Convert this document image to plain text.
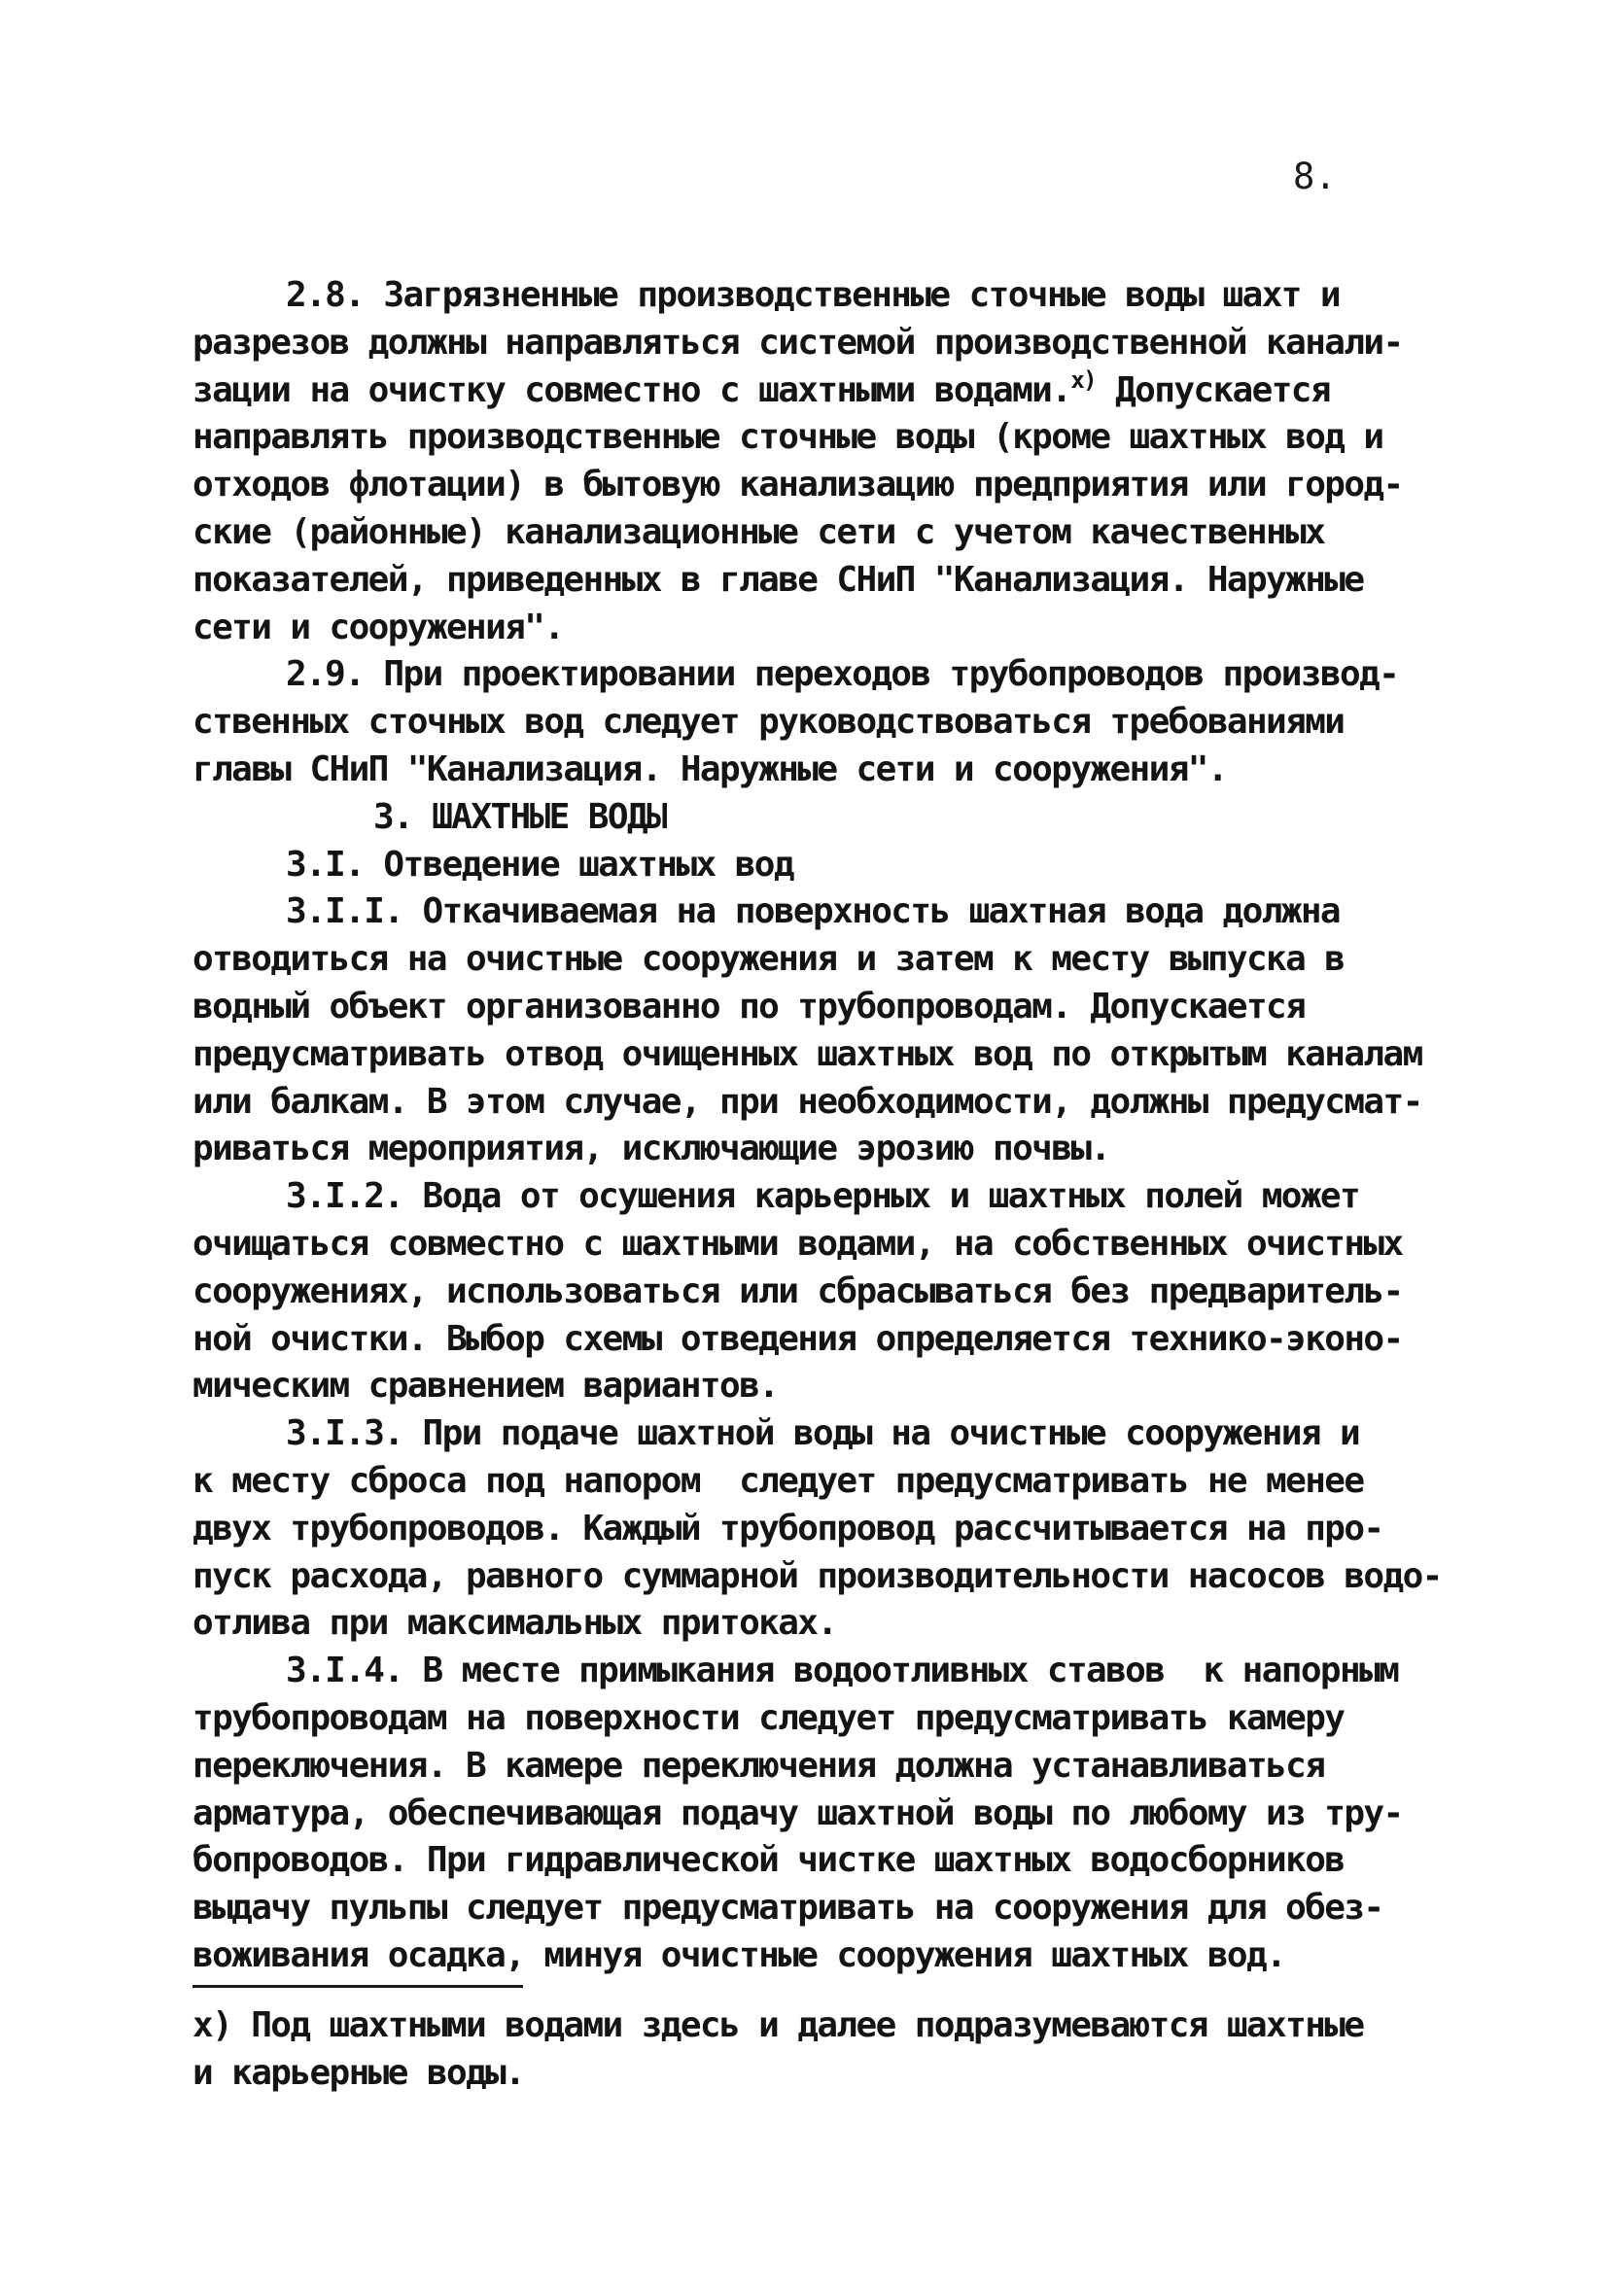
8.
2.8. Загрязненные производственные сточные воды шахт и
разрезов должны направляться системой производственной канали-
зации на очистку совместно с шахтными водами.$^{x)}$ Допускается
направлять производственные сточные воды (кроме шахтных вод и
отходов флотации) в бытовую канализацию предприятия или город-
ские (районные) канализационные сети с учетом качественных
показателей, приведенных в главе СНиП "Канализация. Наружные
сети и сооружения".
2.9. При проектировании переходов трубопроводов производ-
ственных сточных вод следует руководствоваться требованиями
главы СНиП "Канализация. Наружные сети и сооружения".
3. ШАХТНЫЕ ВОДЫ
3.I. Отведение шахтных вод
3.I.I. Откачиваемая на поверхность шахтная вода должна
отводиться на очистные сооружения и затем к месту выпуска в
водный объект организованно по трубопроводам. Допускается
предусматривать отвод очищенных шахтных вод по открытым каналам
или балкам. В этом случае, при необходимости, должны предусмат-
риваться мероприятия, исключающие эрозию почвы.
3.I.2. Вода от осушения карьерных и шахтных полей может
очищаться совместно с шахтными водами, на собственных очистных
сооружениях, использоваться или сбрасываться без предваритель-
ной очистки. Выбор схемы отведения определяется технико-эконо-
мическим сравнением вариантов.
3.I.3. При подаче шахтной воды на очистные сооружения и
к месту сброса под напором  следует предусматривать не менее
двух трубопроводов. Каждый трубопровод рассчитывается на про-
пуск расхода, равного суммарной производительности насосов водо-
отлива при максимальных притоках.
3.I.4. В месте примыкания водоотливных ставов  к напорным
трубопроводам на поверхности следует предусматривать камеру
переключения. В камере переключения должна устанавливаться
арматура, обеспечивающая подачу шахтной воды по любому из тру-
бопроводов. При гидравлической чистке шахтных водосборников
выдачу пульпы следует предусматривать на сооружения для обез-
воживания осадка, минуя очистные сооружения шахтных вод.
x) Под шахтными водами здесь и далее подразумеваются шахтные
и карьерные воды.
